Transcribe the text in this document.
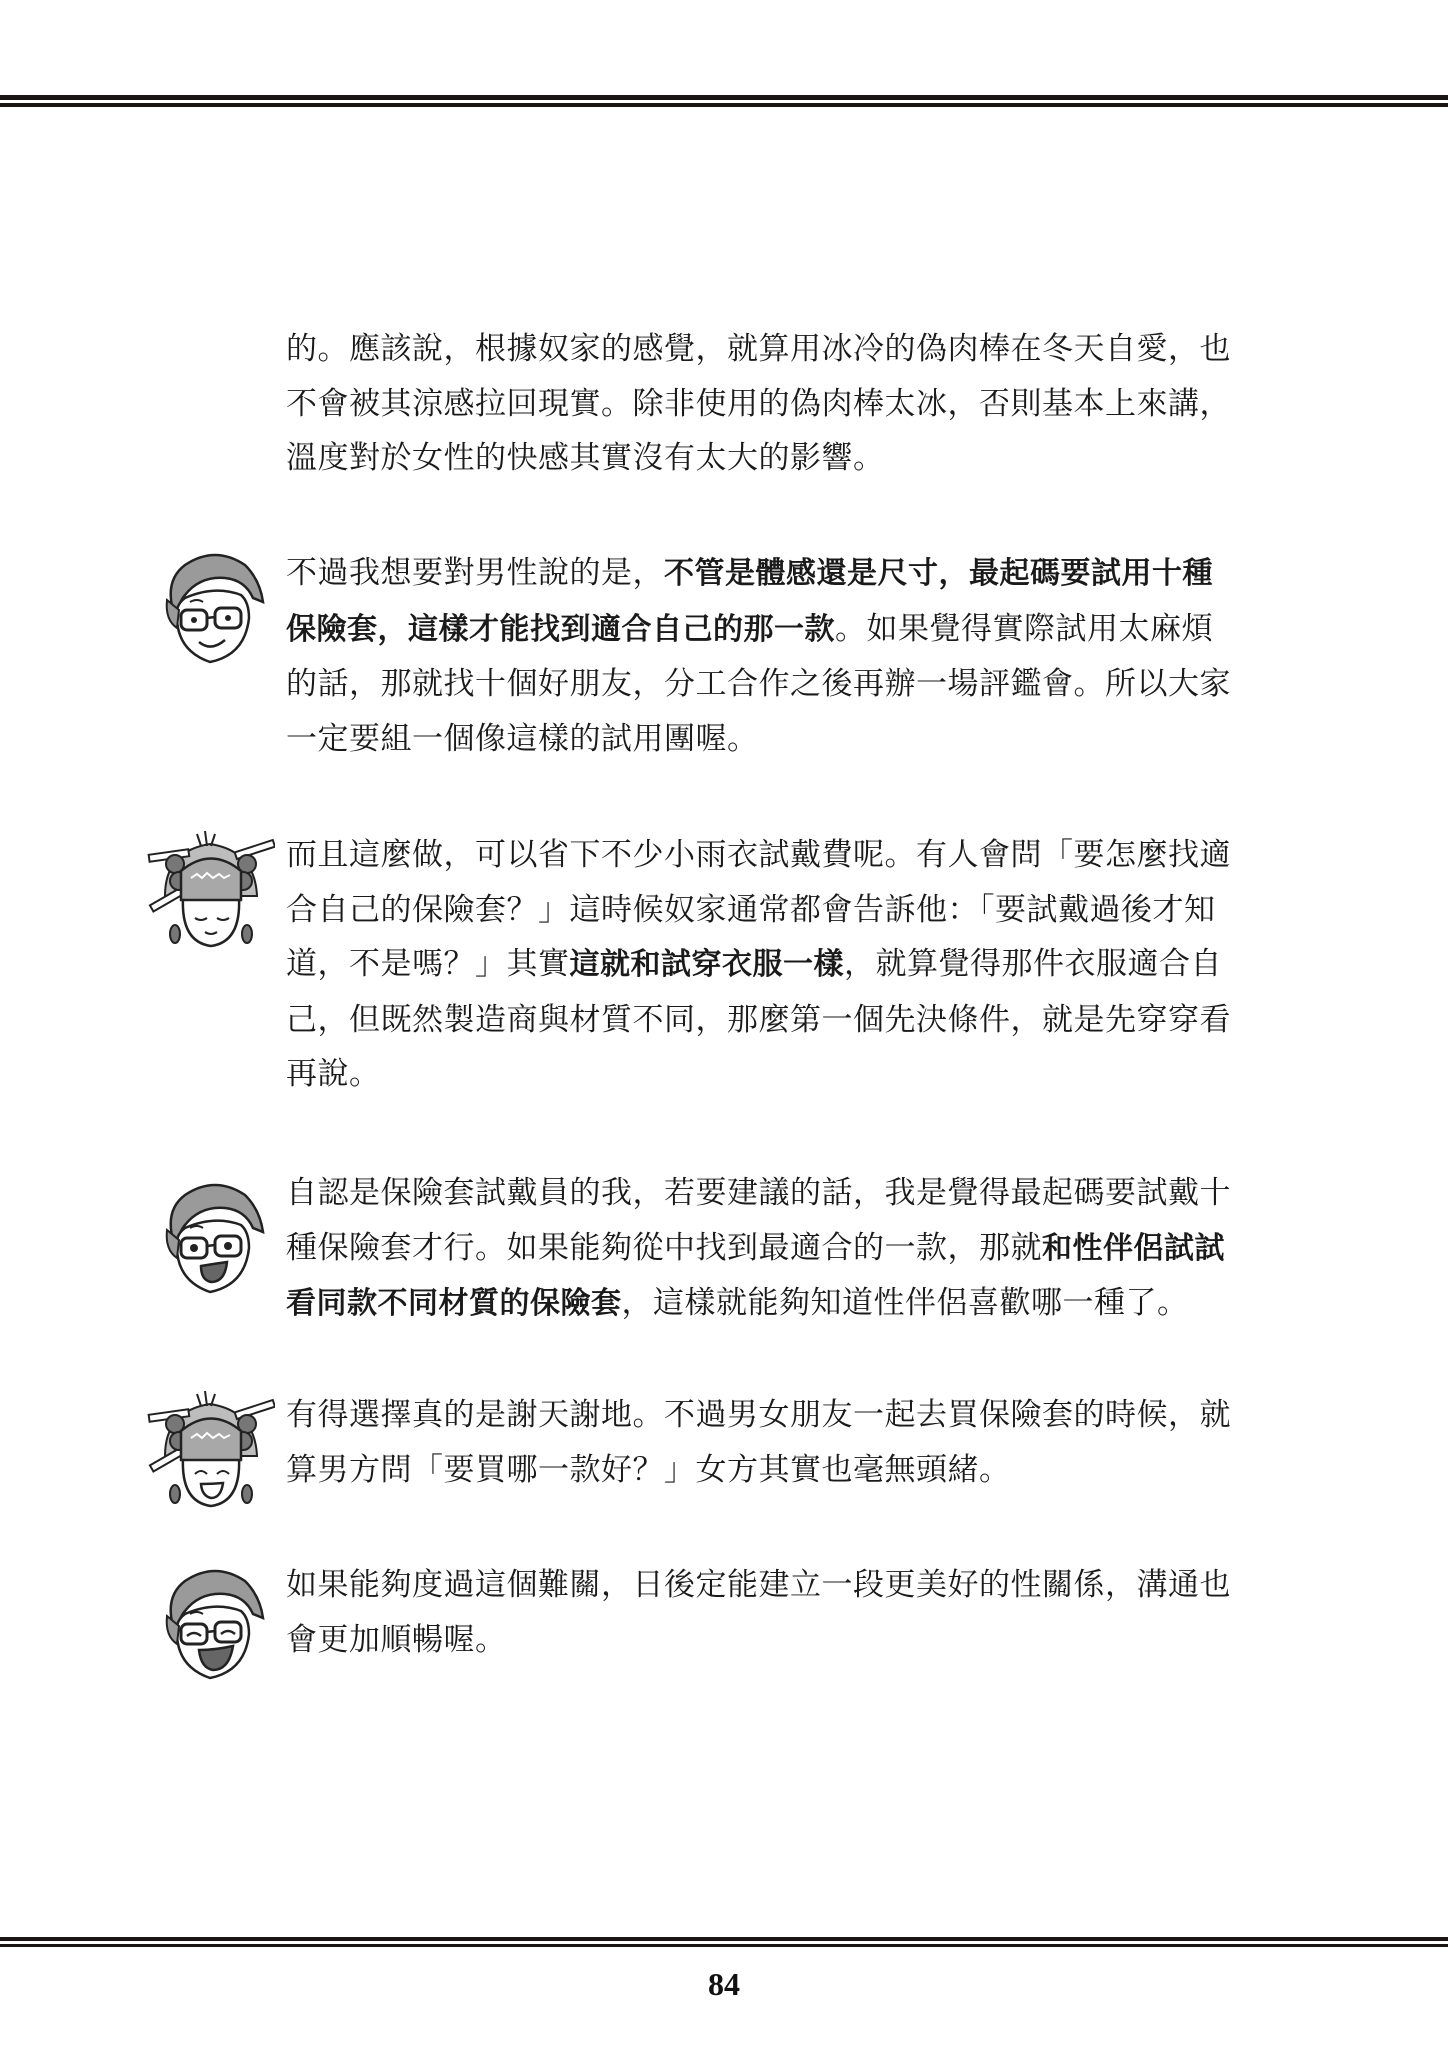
的。應該說，根據奴家的感覺，就算用冰冷的偽肉棒在冬天自愛，也
不會被其涼感拉回現實。除非使用的偽肉棒太冰，否則基本上來講，
溫度對於女性的快感其實沒有太大的影響。
不過我想要對男性說的是，不管是體感還是尺寸，最起碼要試用十種
保險套，這樣才能找到適合自己的那一款。如果覺得實際試用太麻煩
的話，那就找十個好朋友，分工合作之後再辦一場評鑑會。所以大家
一定要組一個像這樣的試用團喔。
而且這麼做，可以省下不少小雨衣試戴費呢。有人會問「要怎麼找適
合自己的保險套？」這時候奴家通常都會告訴他：「要試戴過後才知
道，不是嗎？」其實這就和試穿衣服一樣，就算覺得那件衣服適合自
己，但既然製造商與材質不同，那麼第一個先決條件，就是先穿穿看
再說。
自認是保險套試戴員的我，若要建議的話，我是覺得最起碼要試戴十
種保險套才行。如果能夠從中找到最適合的一款，那就和性伴侶試試
看同款不同材質的保險套，這樣就能夠知道性伴侶喜歡哪一種了。
有得選擇真的是謝天謝地。不過男女朋友一起去買保險套的時候，就
算男方問「要買哪一款好？」女方其實也毫無頭緒。
如果能夠度過這個難關，日後定能建立一段更美好的性關係，溝通也
會更加順暢喔。
84
